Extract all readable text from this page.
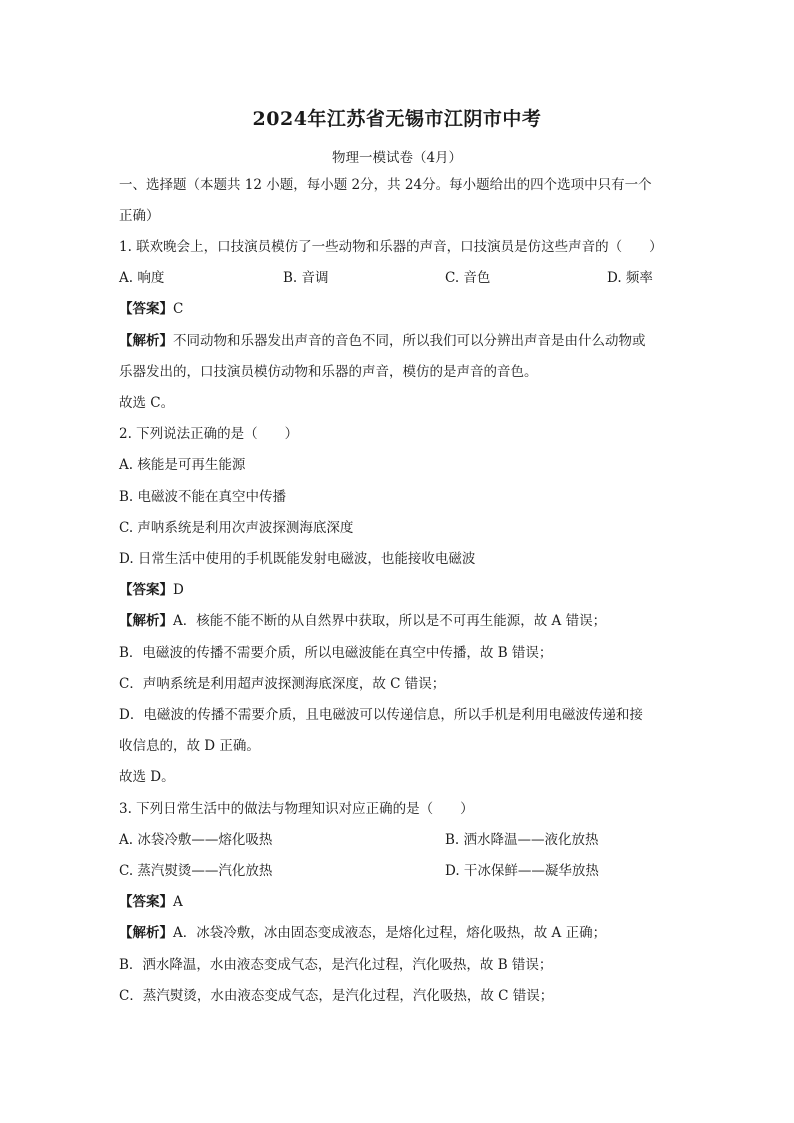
2024年江苏省无锡市江阴市中考
物理一模试卷（4月）
一、选择题（本题共 12 小题，每小题 2分，共 24分。每小题给出的四个选项中只有一个
正确）
1. 联欢晚会上，口技演员模仿了一些动物和乐器的声音，口技演员是仿这些声音的（　　）
A. 响度	B. 音调	C. 音色	D. 频率
【答案】C
【解析】不同动物和乐器发出声音的音色不同，所以我们可以分辨出声音是由什么动物或
乐器发出的，口技演员模仿动物和乐器的声音，模仿的是声音的音色。
故选 C。
2. 下列说法正确的是（　　）
A. 核能是可再生能源
B. 电磁波不能在真空中传播
C. 声呐系统是利用次声波探测海底深度
D. 日常生活中使用的手机既能发射电磁波，也能接收电磁波
【答案】D
【解析】A．核能不能不断的从自然界中获取，所以是不可再生能源，故 A 错误；
B．电磁波的传播不需要介质，所以电磁波能在真空中传播，故 B 错误；
C．声呐系统是利用超声波探测海底深度，故 C 错误；
D．电磁波的传播不需要介质，且电磁波可以传递信息，所以手机是利用电磁波传递和接
收信息的，故 D 正确。
故选 D。
3. 下列日常生活中的做法与物理知识对应正确的是（　　）
A. 冰袋冷敷——熔化吸热	B. 洒水降温——液化放热
C. 蒸汽熨烫——汽化放热	D. 干冰保鲜——凝华放热
【答案】A
【解析】A．冰袋冷敷，冰由固态变成液态，是熔化过程，熔化吸热，故 A 正确；
B．洒水降温，水由液态变成气态，是汽化过程，汽化吸热，故 B 错误；
C．蒸汽熨烫，水由液态变成气态，是汽化过程，汽化吸热，故 C 错误；
